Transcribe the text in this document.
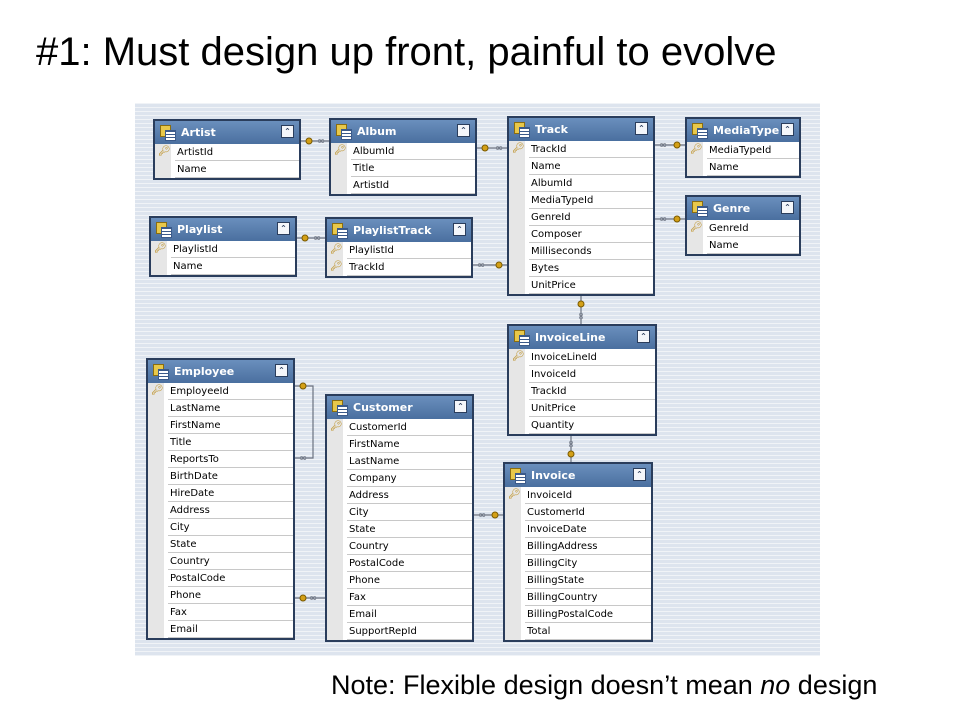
#1: Must design up front, painful to evolve
∞
∞	∞
∞
∞
∞
∞
∞
∞
∞
∞
Artist	⌃
🔑︎ ArtistId
Name
Album	⌃
🔑︎ AlbumId
Title
ArtistId
Track	⌃
🔑︎ TrackId
Name
AlbumId
MediaTypeId
GenreId
Composer
Milliseconds
Bytes
UnitPrice
MediaType ⌃
🔑︎ MediaTypeId
Name
Genre	⌃
🔑︎ GenreId
Name
Playlist	⌃
🔑︎ PlaylistId
Name
PlaylistTrack	⌃
🔑︎ PlaylistId
🔑︎ TrackId
InvoiceLine	⌃
🔑︎ InvoiceLineId
InvoiceId
TrackId
UnitPrice
Quantity
Employee	⌃
🔑︎ EmployeeId
LastName
FirstName
Title
ReportsTo
BirthDate
HireDate
Address
City
State
Country
PostalCode
Phone
Fax
Email
Customer	⌃
🔑︎ CustomerId
FirstName
LastName
Company
Address
City
State
Country
PostalCode
Phone
Fax
Email
SupportRepId
Invoice	⌃
🔑︎ InvoiceId
CustomerId
InvoiceDate
BillingAddress
BillingCity
BillingState
BillingCountry
BillingPostalCode
Total
Note: Flexible design doesn’t mean no design
